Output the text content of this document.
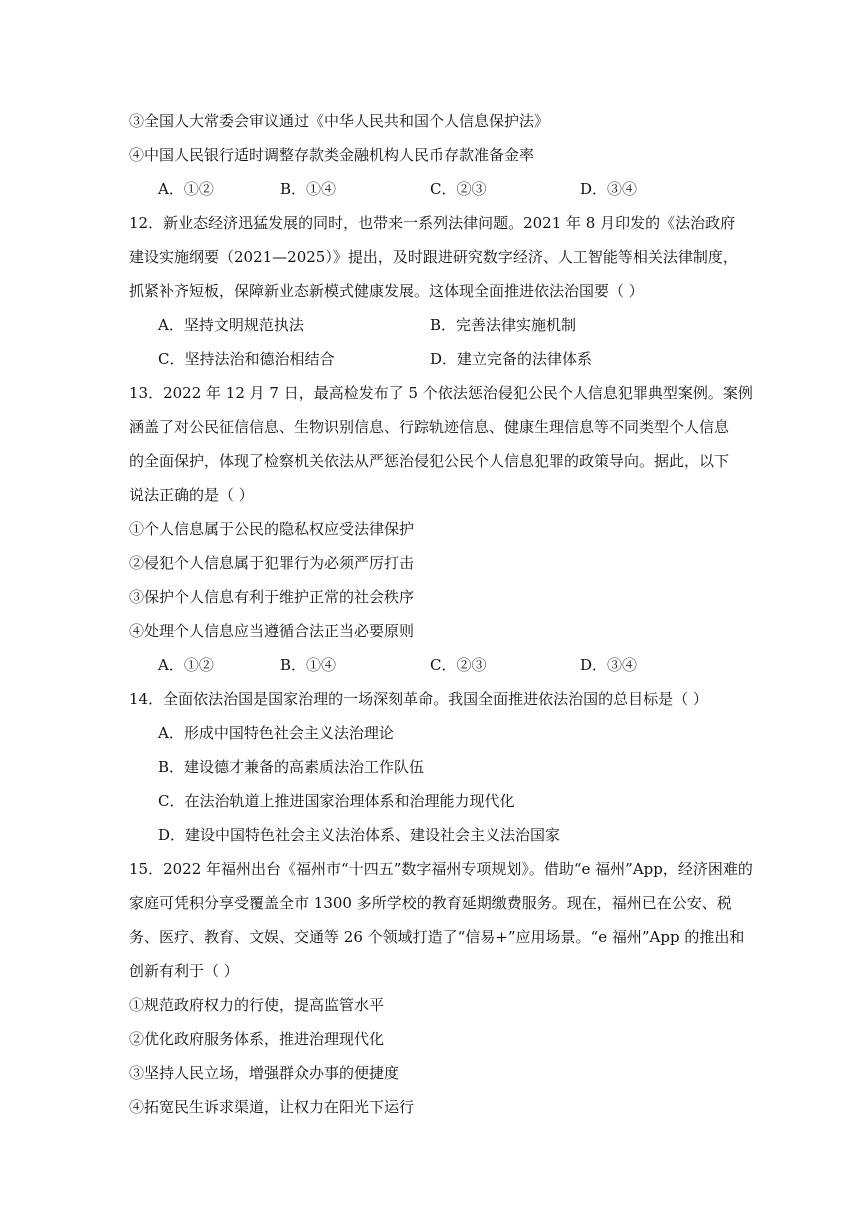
③全国人大常委会审议通过《中华人民共和国个人信息保护法》
④中国人民银行适时调整存款类金融机构人民币存款准备金率
A．①②	B．①④	C．②③	D．③④
12．新业态经济迅猛发展的同时，也带来一系列法律问题。2021 年 8 月印发的《法治政府
建设实施纲要（2021—2025）》提出，及时跟进研究数字经济、人工智能等相关法律制度，
抓紧补齐短板，保障新业态新模式健康发展。这体现全面推进依法治国要（ ）
A．坚持文明规范执法	B．完善法律实施机制
C．坚持法治和德治相结合	D．建立完备的法律体系
13．2022 年 12 月 7 日，最高检发布了 5 个依法惩治侵犯公民个人信息犯罪典型案例。案例
涵盖了对公民征信信息、生物识别信息、行踪轨迹信息、健康生理信息等不同类型个人信息
的全面保护，体现了检察机关依法从严惩治侵犯公民个人信息犯罪的政策导向。据此，以下
说法正确的是（ ）
①个人信息属于公民的隐私权应受法律保护
②侵犯个人信息属于犯罪行为必须严厉打击
③保护个人信息有利于维护正常的社会秩序
④处理个人信息应当遵循合法正当必要原则
A．①②	B．①④	C．②③	D．③④
14．全面依法治国是国家治理的一场深刻革命。我国全面推进依法治国的总目标是（ ）
A．形成中国特色社会主义法治理论
B．建设德才兼备的高素质法治工作队伍
C．在法治轨道上推进国家治理体系和治理能力现代化
D．建设中国特色社会主义法治体系、建设社会主义法治国家
15．2022 年福州出台《福州市“十四五”数字福州专项规划》。借助“e 福州”App，经济困难的
家庭可凭积分享受覆盖全市 1300 多所学校的教育延期缴费服务。现在，福州已在公安、税
务、医疗、教育、文娱、交通等 26 个领域打造了“信易+”应用场景。“e 福州”App 的推出和
创新有利于（ ）
①规范政府权力的行使，提高监管水平
②优化政府服务体系，推进治理现代化
③坚持人民立场，增强群众办事的便捷度
④拓宽民生诉求渠道，让权力在阳光下运行
